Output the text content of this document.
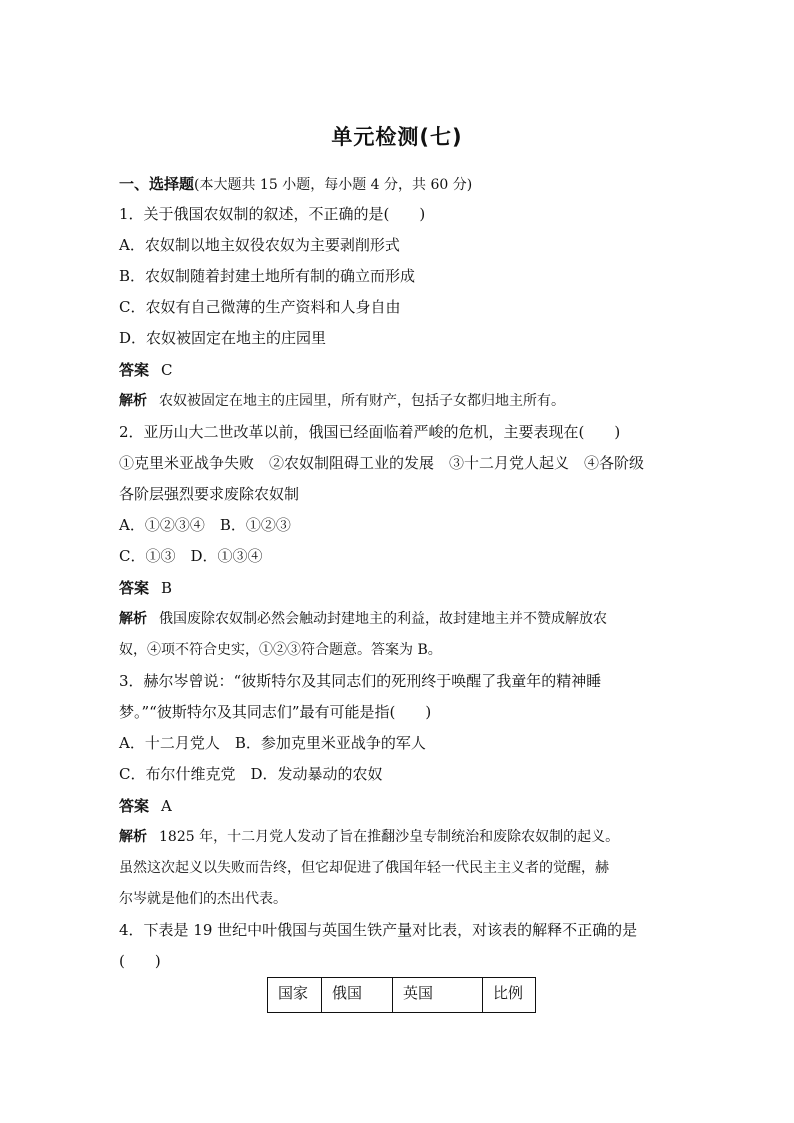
单元检测(七)
一、选择题(本大题共 15 小题，每小题 4 分，共 60 分)
1．关于俄国农奴制的叙述，不正确的是(　　)
A．农奴制以地主奴役农奴为主要剥削形式
B．农奴制随着封建土地所有制的确立而形成
C．农奴有自己微薄的生产资料和人身自由
D．农奴被固定在地主的庄园里
答案 C
解析 农奴被固定在地主的庄园里，所有财产，包括子女都归地主所有。
2．亚历山大二世改革以前，俄国已经面临着严峻的危机，主要表现在(　　)
①克里米亚战争失败　②农奴制阻碍工业的发展　③十二月党人起义　④各阶级
各阶层强烈要求废除农奴制
A．①②③④　B．①②③
C．①③　D．①③④
答案 B
解析 俄国废除农奴制必然会触动封建地主的利益，故封建地主并不赞成解放农
奴，④项不符合史实，①②③符合题意。答案为 B。
3．赫尔岑曾说：“彼斯特尔及其同志们的死刑终于唤醒了我童年的精神睡
梦。”“彼斯特尔及其同志们”最有可能是指(　　)
A．十二月党人　B．参加克里米亚战争的军人
C．布尔什维克党　D．发动暴动的农奴
答案 A
解析 1825 年，十二月党人发动了旨在推翻沙皇专制统治和废除农奴制的起义。
虽然这次起义以失败而告终，但它却促进了俄国年轻一代民主主义者的觉醒，赫
尔岑就是他们的杰出代表。
4．下表是 19 世纪中叶俄国与英国生铁产量对比表，对该表的解释不正确的是
(　　)
国家	俄国	英国	比例
